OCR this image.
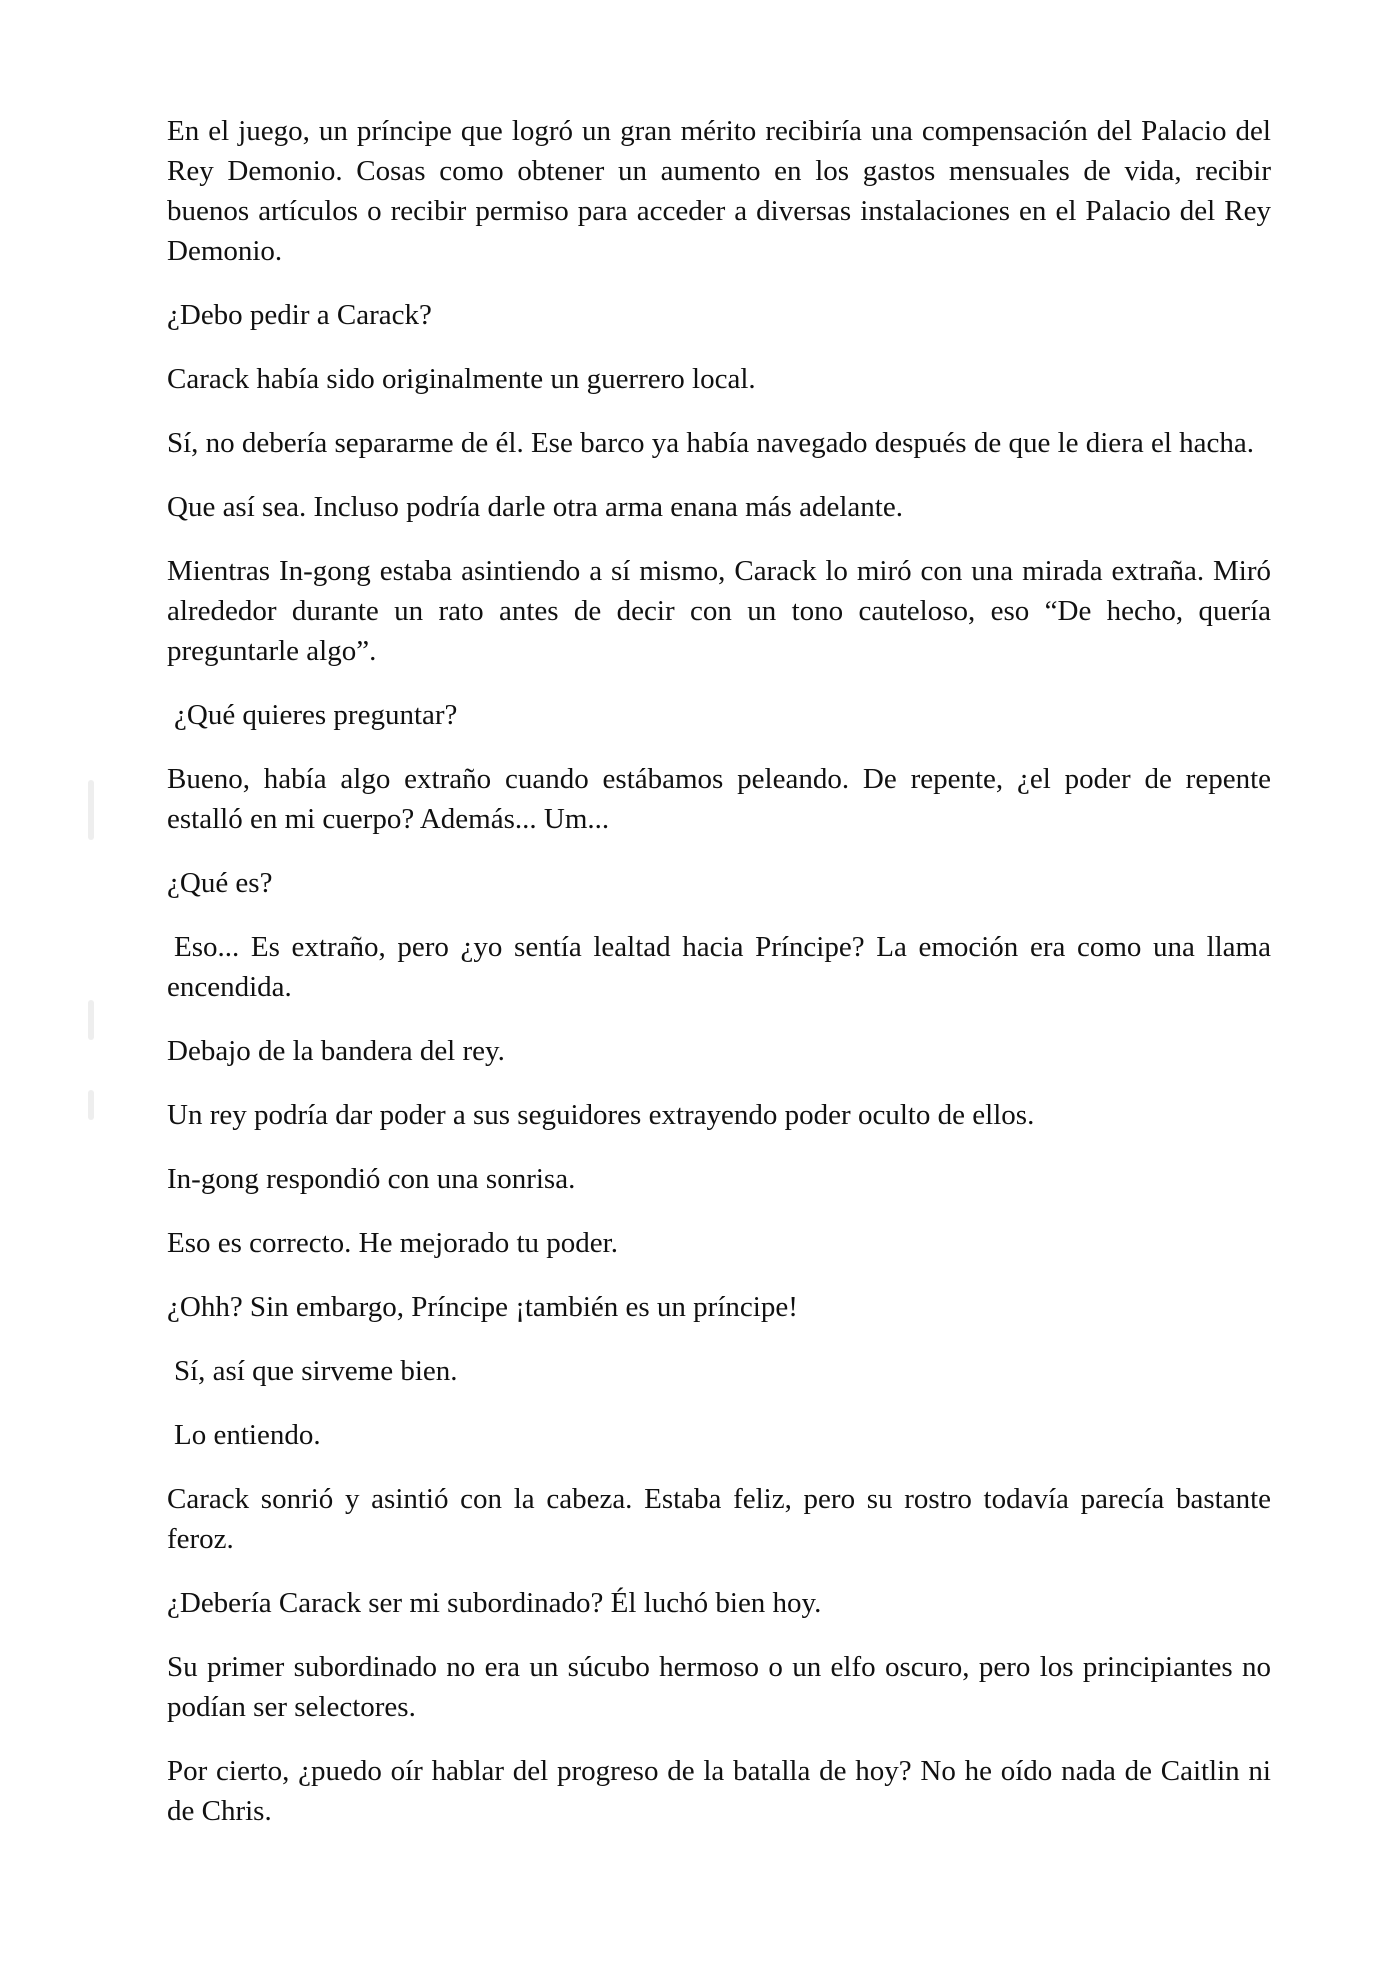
En el juego, un príncipe que logró un gran mérito recibiría una compensación del Palacio del Rey Demonio. Cosas como obtener un aumento en los gastos mensuales de vida, recibir buenos artículos o recibir permiso para acceder a diversas instalaciones en el Palacio del Rey Demonio.

¿Debo pedir a Carack?

Carack había sido originalmente un guerrero local.

Sí, no debería separarme de él. Ese barco ya había navegado después de que le diera el hacha.

Que así sea. Incluso podría darle otra arma enana más adelante.

Mientras In-gong estaba asintiendo a sí mismo, Carack lo miró con una mirada extraña. Miró alrededor durante un rato antes de decir con un tono cauteloso, eso “De hecho, quería preguntarle algo”.

¿Qué quieres preguntar?

Bueno, había algo extraño cuando estábamos peleando. De repente, ¿el poder de repente estalló en mi cuerpo? Además... Um...

¿Qué es?

Eso... Es extraño, pero ¿yo sentía lealtad hacia Príncipe? La emoción era como una llama encendida.

Debajo de la bandera del rey.

Un rey podría dar poder a sus seguidores extrayendo poder oculto de ellos.

In-gong respondió con una sonrisa.

Eso es correcto. He mejorado tu poder.

¿Ohh? Sin embargo, Príncipe ¡también es un príncipe!

Sí, así que sirveme bien.

Lo entiendo.

Carack sonrió y asintió con la cabeza. Estaba feliz, pero su rostro todavía parecía bastante feroz.

¿Debería Carack ser mi subordinado? Él luchó bien hoy.

Su primer subordinado no era un súcubo hermoso o un elfo oscuro, pero los principiantes no podían ser selectores.

Por cierto, ¿puedo oír hablar del progreso de la batalla de hoy? No he oído nada de Caitlin ni de Chris.
